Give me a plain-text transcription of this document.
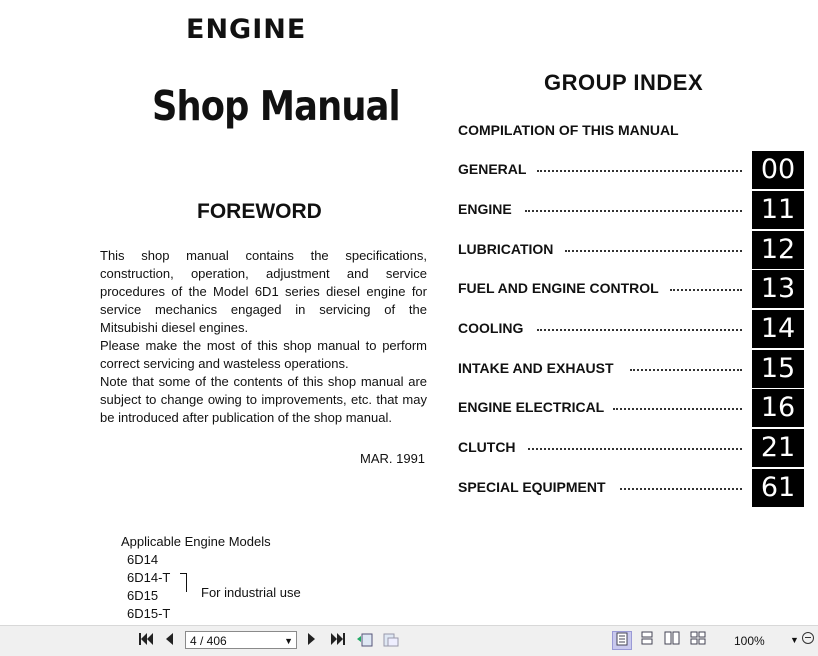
ENGINE
Shop Manual
FOREWORD

This shop manual contains the specifications, construction, operation, adjustment and service procedures of the Model 6D1 series diesel engine for service mechanics engaged in servicing of the Mitsubishi diesel engines.

Please make the most of this shop manual to perform correct servicing and wasteless operations.

Note that some of the contents of this shop manual are subject to change owing to improvements, etc. that may be introduced after publication of the shop manual.

MAR. 1991
Applicable Engine Models
6D14
6D14-T
6D15
6D15-T
For industrial use
GROUP INDEX
COMPILATION OF THIS MANUAL
GENERAL	00
ENGINE	11
LUBRICATION	12
FUEL AND ENGINE CONTROL	13
COOLING	14
INTAKE AND EXHAUST	15
ENGINE ELECTRICAL	16
CLUTCH	21
SPECIAL EQUIPMENT	61
4 / 406	▼	100%	▼
